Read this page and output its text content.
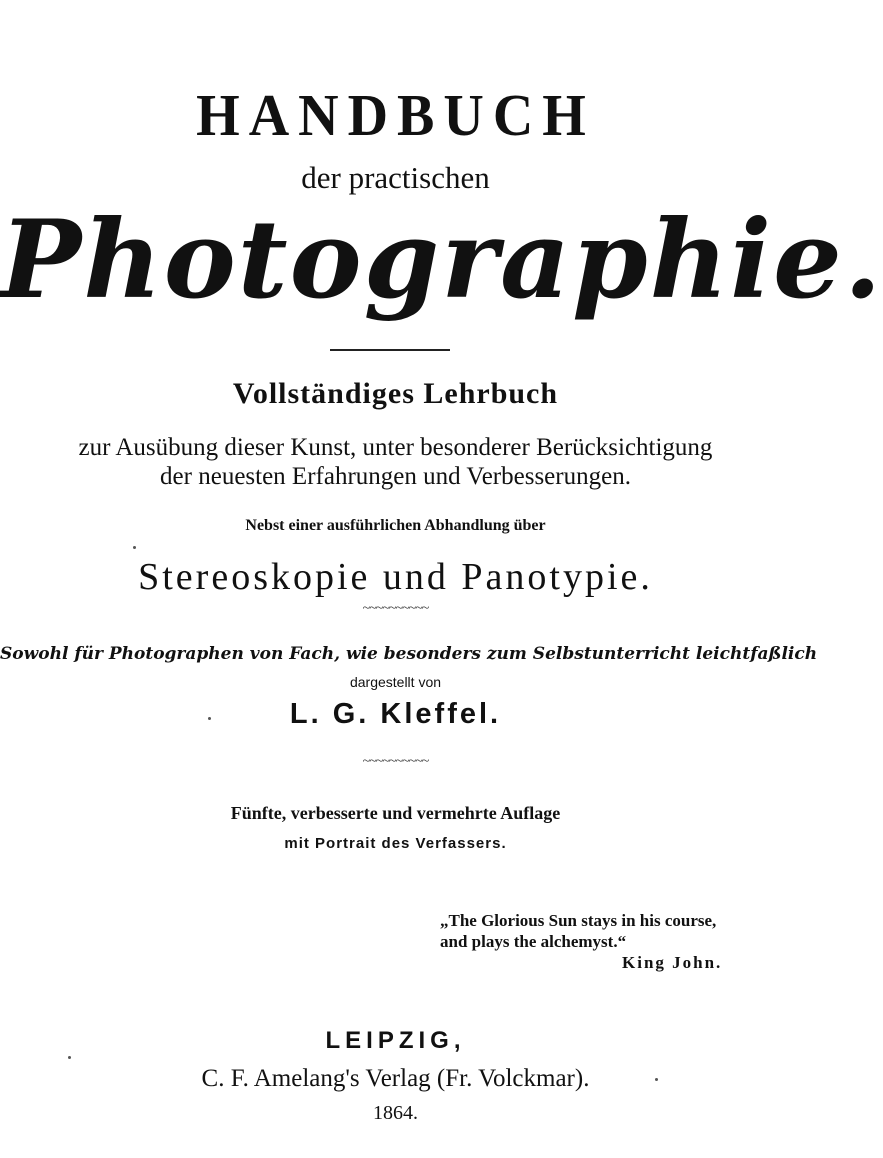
HANDBUCH
der practischen
Photographie.
Vollständiges Lehrbuch
zur Ausübung dieser Kunst, unter besonderer Berücksichtigung
der neuesten Erfahrungen und Verbesserungen.
Nebst einer ausführlichen Abhandlung über
Stereoskopie und Panotypie.
~~~~~~~~~~
Sowohl für Photographen von Fach, wie besonders zum Selbstunterricht leichtfaßlich
dargestellt von
L. G. Kleffel.
~~~~~~~~~~
Fünfte, verbesserte und vermehrte Auflage
mit Portrait des Verfassers.
„The Glorious Sun stays in his course,
and plays the alchemyst.“

King John.
LEIPZIG,
C. F. Amelang's Verlag (Fr. Volckmar).
1864.
